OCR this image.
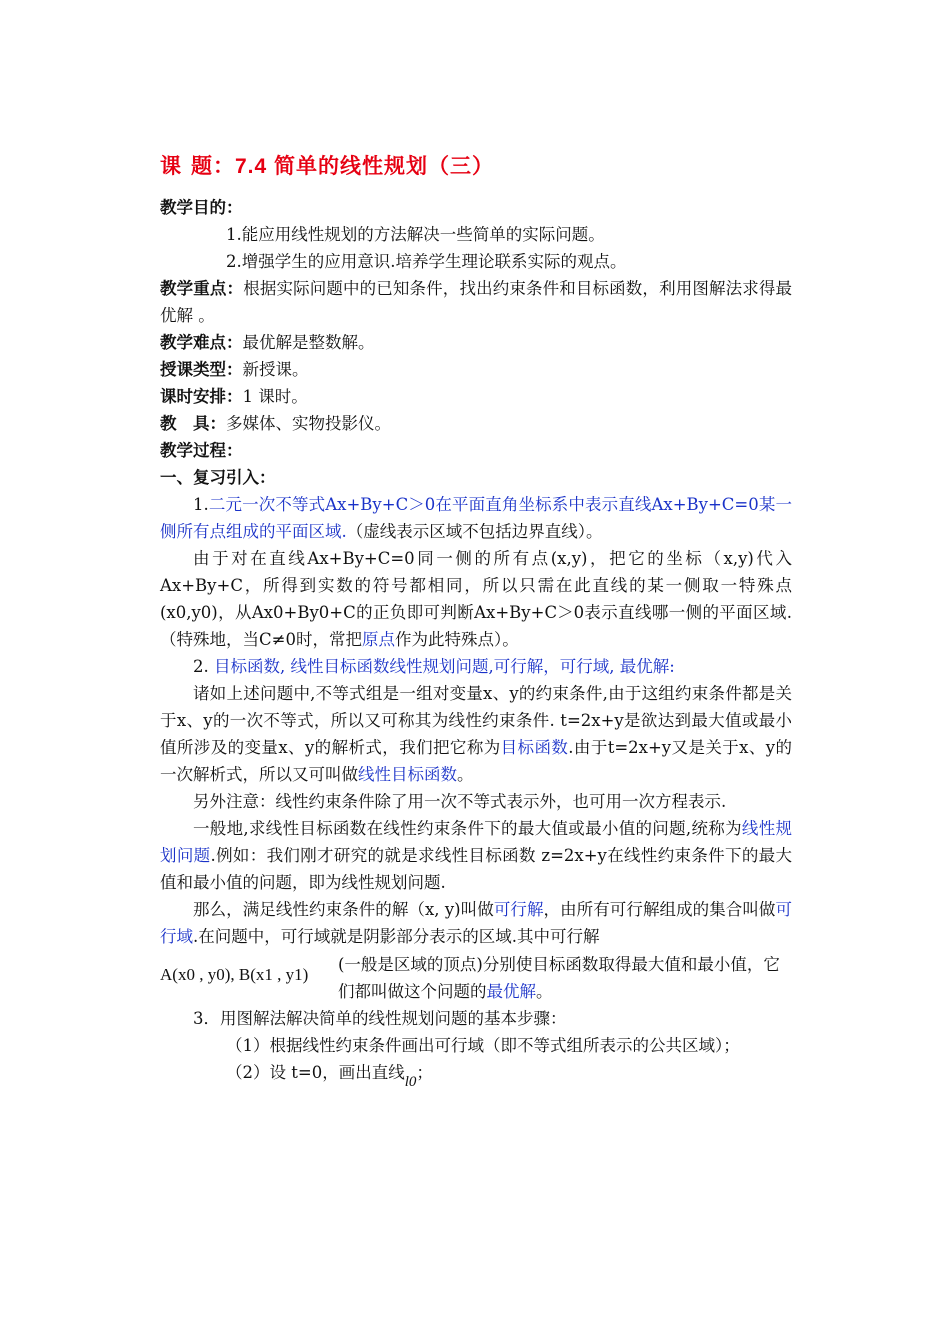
课题：7.4 简单的线性规划（三）

教学目的：

1.能应用线性规划的方法解决一些简单的实际问题。

2.增强学生的应用意识.培养学生理论联系实际的观点。

教学重点：根据实际问题中的已知条件，找出约束条件和目标函数，利用图解法求得最优解 。

教学难点：最优解是整数解。

授课类型：新授课。

课时安排：1 课时。

教　具：多媒体、实物投影仪。

教学过程：

一、复习引入：

1.二元一次不等式Ax+By+C＞0在平面直角坐标系中表示直线Ax+By+C=0某一侧所有点组成的平面区域.（虚线表示区域不包括边界直线）。

由于对在直线Ax+By+C=0同一侧的所有点(x,y)，把它的坐标（x,y)代入Ax+By+C，所得到实数的符号都相同，所以只需在此直线的某一侧取一特殊点(x0,y0)，从Ax0+By0+C的正负即可判断Ax+By+C＞0表示直线哪一侧的平面区域.（特殊地，当C≠0时，常把原点作为此特殊点）。

2. 目标函数, 线性目标函数线性规划问题,可行解，可行域, 最优解:

诸如上述问题中,不等式组是一组对变量x、y的约束条件,由于这组约束条件都是关于x、y的一次不等式，所以又可称其为线性约束条件. t=2x+y是欲达到最大值或最小值所涉及的变量x、y的解析式，我们把它称为目标函数.由于t=2x+y又是关于x、y的一次解析式，所以又可叫做线性目标函数。

另外注意：线性约束条件除了用一次不等式表示外，也可用一次方程表示.

一般地,求线性目标函数在线性约束条件下的最大值或最小值的问题,统称为线性规划问题.例如：我们刚才研究的就是求线性目标函数 z=2x+y在线性约束条件下的最大值和最小值的问题，即为线性规划问题.

那么，满足线性约束条件的解（x, y)叫做可行解，由所有可行解组成的集合叫做可行域.在问题中，可行域就是阴影部分表示的区域.其中可行解

A(x0 , y0), B(x1 , y1)
(一般是区域的顶点)分别使目标函数取得最大值和最小值，它们都叫做这个问题的最优解。

3．用图解法解决简单的线性规划问题的基本步骤：

（1）根据线性约束条件画出可行域（即不等式组所表示的公共区域）；

（2）设 t=0，画出直线l0；
